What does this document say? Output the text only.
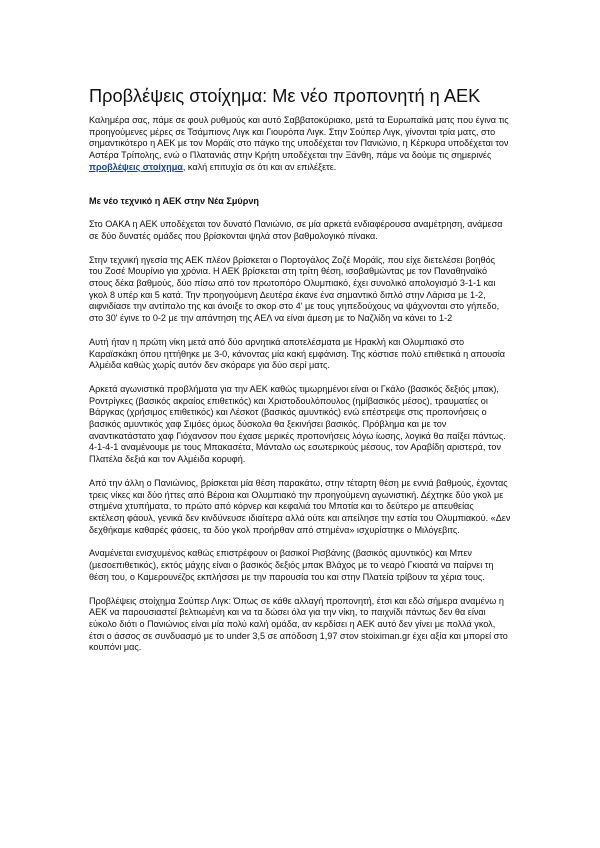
Προβλέψεις στοίχημα: Με νέο προπονητή η ΑΕΚ

Καλημέρα σας, πάμε σε φουλ ρυθμούς και αυτό Σαββατοκύριακο, μετά τα Ευρωπαϊκά ματς που έγινα τις προηγούμενες μέρες σε Τσάμπιονς Λιγκ και Γιουρόπα Λιγκ. Στην Σούπερ Λιγκ, γίνονται τρία ματς, στο σημαντικότερο η ΑΕΚ με τον Μοράϊς στο πάγκο της υποδέχεται τον Πανιώνιο, η Κέρκυρα υποδέχεται τον Αστέρα Τρίπολης, ενώ ο Πλατανιάς στην Κρήτη υποδέχεται την Ξάνθη, πάμε να δούμε τις σημερινές προβλέψεις στοίχημα, καλή επιτυχία σε ότι και αν επιλέξετε.

Με νέο τεχνικό η ΑΕΚ στην Νέα Σμύρνη

Στο ΟΑΚΑ η ΑΕΚ υποδέχεται τον δυνατό Πανιώνιο, σε μία αρκετά ενδιαφέρουσα αναμέτρηση, ανάμεσα σε δύο δυνατές ομάδες που βρίσκονται ψηλά στον βαθμολογικό πίνακα.

Στην τεχνική ηγεσία της ΑΕΚ πλέον βρίσκεται ο Πορτογάλος Ζοζέ Μοράϊς, που είχε διετελέσει βοηθός του Ζοσέ Μουρίνιο για χρόνια. Η ΑΕΚ βρίσκεται στη τρίτη θέση, ισοβαθμώντας με τον Παναθηναϊκό στους δέκα βαθμούς, δύο πίσω από τον πρωτοπόρο Ολυμπιακό, έχει συνολικό απολογισμό 3-1-1 και γκολ 8 υπέρ και 5 κατά. Την προηγούμενη Δευτέρα έκανε ένα σημαντικό διπλό στην Λάρισα με 1-2, αιφνιδίασε την αντίπαλο της και άνοιξε το σκορ στο 4' με τους γηπεδούχους να ψάχνονται στο γήπεδο, στο 30' έγινε το 0-2 με την απάντηση της ΑΕΛ να είναι άμεση με το Ναζλίδη να κάνει το 1-2

Αυτή ήταν η πρώτη νίκη μετά από δύο αρνητικά αποτελέσματα με Ηρακλή και Ολυμπιακό στο Καραϊσκάκη όπου ηττήθηκε με 3-0, κάνοντας μία κακή εμφάνιση. Της κόστισε πολύ επιθετικά η απουσία Αλμέιδα καθώς χωρίς αυτόν δεν σκόραρε για δύο σερί ματς.

Αρκετά αγωνιστικά προβλήματα για την ΑΕΚ καθώς τιμωρημένοι είναι οι Γκάλο (βασικός δεξιός μπακ), Ροντρίγκες (βασικός ακραίος επιθετικός) και Χριστοδουλόπουλος (ημίβασικός μέσος), τραυματίες οι Βάργκας (χρήσιμος επιθετικός) και Λέσκοτ (βασικός αμυντικός) ενώ επέστρεψε στις προπονήσεις ο βασικός αμυντικός χαφ Σιμόες όμως δύσκολα θα ξεκινήσει βασικός. Πρόβλημα και με τον αναντικατάστατο χαφ Γιόχανσον που έχασε μερικές προπονήσεις λόγω ίωσης, λογικά θα παίξει πάντως. 4-1-4-1 αναμένουμε με τους Μπακασέτα, Μάνταλο ως εσωτερικούς μέσους, τον Αραβίδη αριστερά, τον Πλατέλα δεξιά και τον Αλμέιδα κορυφή.

Από την άλλη ο Πανιώνιος, βρίσκεται μία θέση παρακάτω, στην τέταρτη θέση με εννιά βαθμούς, έχοντας τρεις νίκες και δύο ήττες από Βέροια και Ολυμπιακό την προηγούμενη αγωνιστική. Δέχτηκε δύο γκολ με στημένα χτυπήματα, το πρώτο από κόρνερ και κεφαλιά του Μποτία και το δεύτερο με απευθείας εκτέλεση φάουλ, γενικά δεν κινδύνευσε ιδιαίτερα αλλά ούτε και απείλησε την εστία του Ολυμπιακού. «Δεν δεχθήκαμε καθαρές φάσεις, τα δύο γκολ προήρθαν από στημένα» ισχυρίστηκε ο Μιλόγεβιτς.

Αναμένεται ενισχυμένος καθώς επιστρέφουν οι βασικοί Ρισβάνης (βασικός αμυντικός) και Μπεν (μεσοεπιθετικός), εκτός μάχης είναι ο βασικός δεξιός μπακ Βλάχος με το νεαρό Γκιοατά να παίρνει τη θέση του, ο Καμερουνέζος εκπλήσσει με την παρουσία του και στην Πλατεία τρίβουν τα χέρια τους.

Προβλέψεις στοίχημα Σούπερ Λιγκ: Όπως σε κάθε αλλαγή προπονητή, έτσι και εδώ σήμερα αναμένω η ΑΕΚ να παρουσιαστεί βελτιωμένη και να τα δώσει όλα για την νίκη, το παιχνίδι πάντως δεν θα είναι εύκολο διότι ο Πανιώνιος είναι μία πολύ καλή ομάδα, αν κερδίσει η ΑΕΚ αυτό δεν γίνει με πολλά γκολ, έτσι ο άσσος σε συνδυασμό με το under 3,5 σε απόδοση 1,97 στον stoiximan.gr έχει αξία και μπορεί στο κουπόνι μας.
